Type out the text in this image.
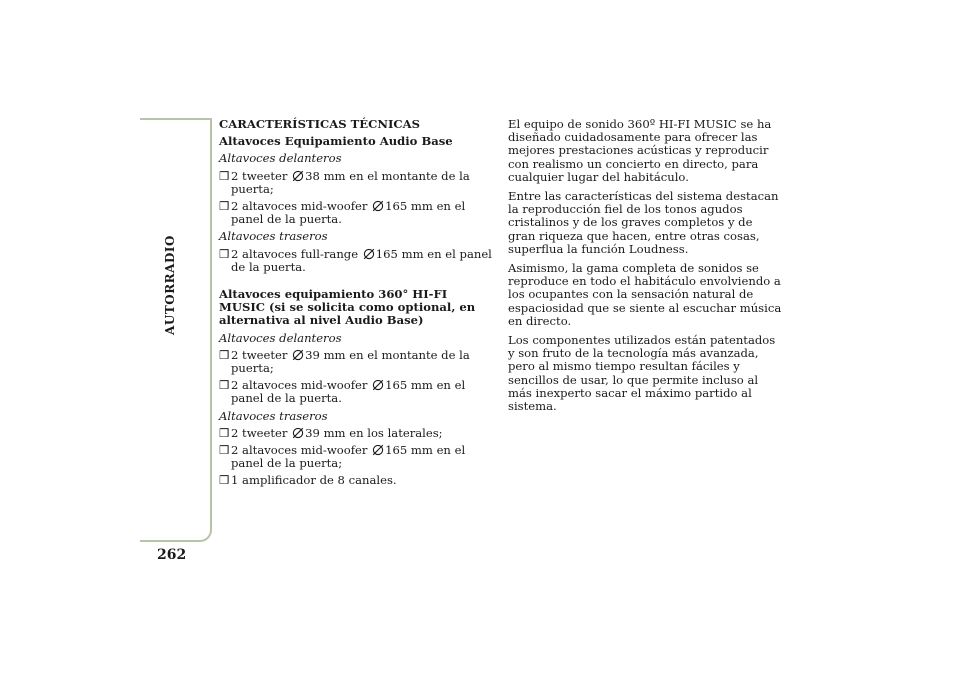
AUTORRADIO
262
CARACTERÍSTICAS TÉCNICAS
Altavoces Equipamiento Audio Base
Altavoces delanteros
❒ 2 tweeter 38 mm en el montante de la puerta;
❒ 2 altavoces mid-woofer 165 mm en el panel de la puerta.
Altavoces traseros
❒ 2 altavoces full-range 165 mm en el panel de la puerta.
Altavoces equipamiento 360° HI-FI MUSIC (si se solicita como optional, en alternativa al nivel Audio Base)
Altavoces delanteros
❒ 2 tweeter 39 mm en el montante de la puerta;
❒ 2 altavoces mid-woofer 165 mm en el panel de la puerta.
Altavoces traseros
❒ 2 tweeter 39 mm en los laterales;
❒ 2 altavoces mid-woofer 165 mm en el panel de la puerta;
❒ 1 amplificador de 8 canales.

El equipo de sonido 360º HI-FI MUSIC se ha diseñado cuidadosamente para ofrecer las mejores prestaciones acústicas y reproducir con realismo un concierto en directo, para cualquier lugar del habitáculo.

Entre las características del sistema destacan la reproducción fiel de los tonos agudos cristalinos y de los graves completos y de gran riqueza que hacen, entre otras cosas, superflua la función Loudness.

Asimismo, la gama completa de sonidos se reproduce en todo el habitáculo envolviendo a los ocupantes con la sensación natural de espaciosidad que se siente al escuchar música en directo.

Los componentes utilizados están patentados y son fruto de la tecnología más avanzada, pero al mismo tiempo resultan fáciles y sencillos de usar, lo que permite incluso al más inexperto sacar el máximo partido al sistema.
